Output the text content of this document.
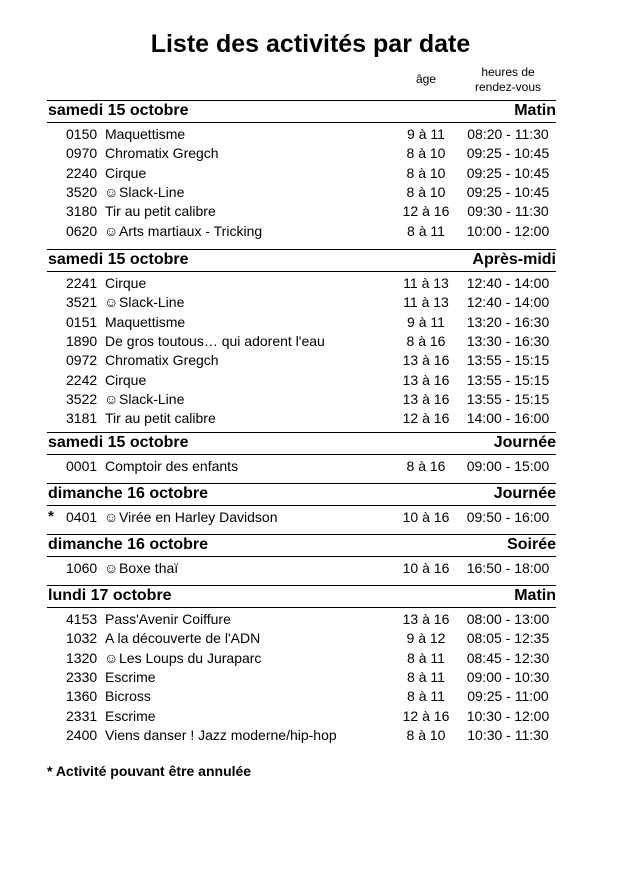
Liste des activités par date
âge	heures de
rendez-vous
samedi 15 octobre	Matin
0150 Maquettisme	9 à 11	08:20 - 11:30
0970 Chromatix Gregch	8 à 10	09:25 - 10:45
2240 Cirque	8 à 10	09:25 - 10:45
3520 ☺ Slack-Line	8 à 10	09:25 - 10:45
3180 Tir au petit calibre	12 à 16	09:30 - 11:30
0620 ☺ Arts martiaux - Tricking	8 à 11	10:00 - 12:00
samedi 15 octobre	Après-midi
2241 Cirque	11 à 13	12:40 - 14:00
3521 ☺ Slack-Line	11 à 13	12:40 - 14:00
0151 Maquettisme	9 à 11	13:20 - 16:30
1890 De gros toutous… qui adorent l'eau	8 à 16	13:30 - 16:30
0972 Chromatix Gregch	13 à 16	13:55 - 15:15
2242 Cirque	13 à 16	13:55 - 15:15
3522 ☺ Slack-Line	13 à 16	13:55 - 15:15
3181 Tir au petit calibre	12 à 16	14:00 - 16:00
samedi 15 octobre	Journée
0001 Comptoir des enfants	8 à 16	09:00 - 15:00
dimanche 16 octobre	Journée
* 0401 ☺ Virée en Harley Davidson	10 à 16	09:50 - 16:00
dimanche 16 octobre	Soirée
1060 ☺ Boxe thaï	10 à 16	16:50 - 18:00
lundi 17 octobre	Matin
4153 Pass'Avenir Coiffure	13 à 16	08:00 - 13:00
1032 A la découverte de l'ADN	9 à 12	08:05 - 12:35
1320 ☺ Les Loups du Juraparc	8 à 11	08:45 - 12:30
2330 Escrime	8 à 11	09:00 - 10:30
1360 Bicross	8 à 11	09:25 - 11:00
2331 Escrime	12 à 16	10:30 - 12:00
2400 Viens danser ! Jazz moderne/hip-hop	8 à 10	10:30 - 11:30
* Activité pouvant être annulée
